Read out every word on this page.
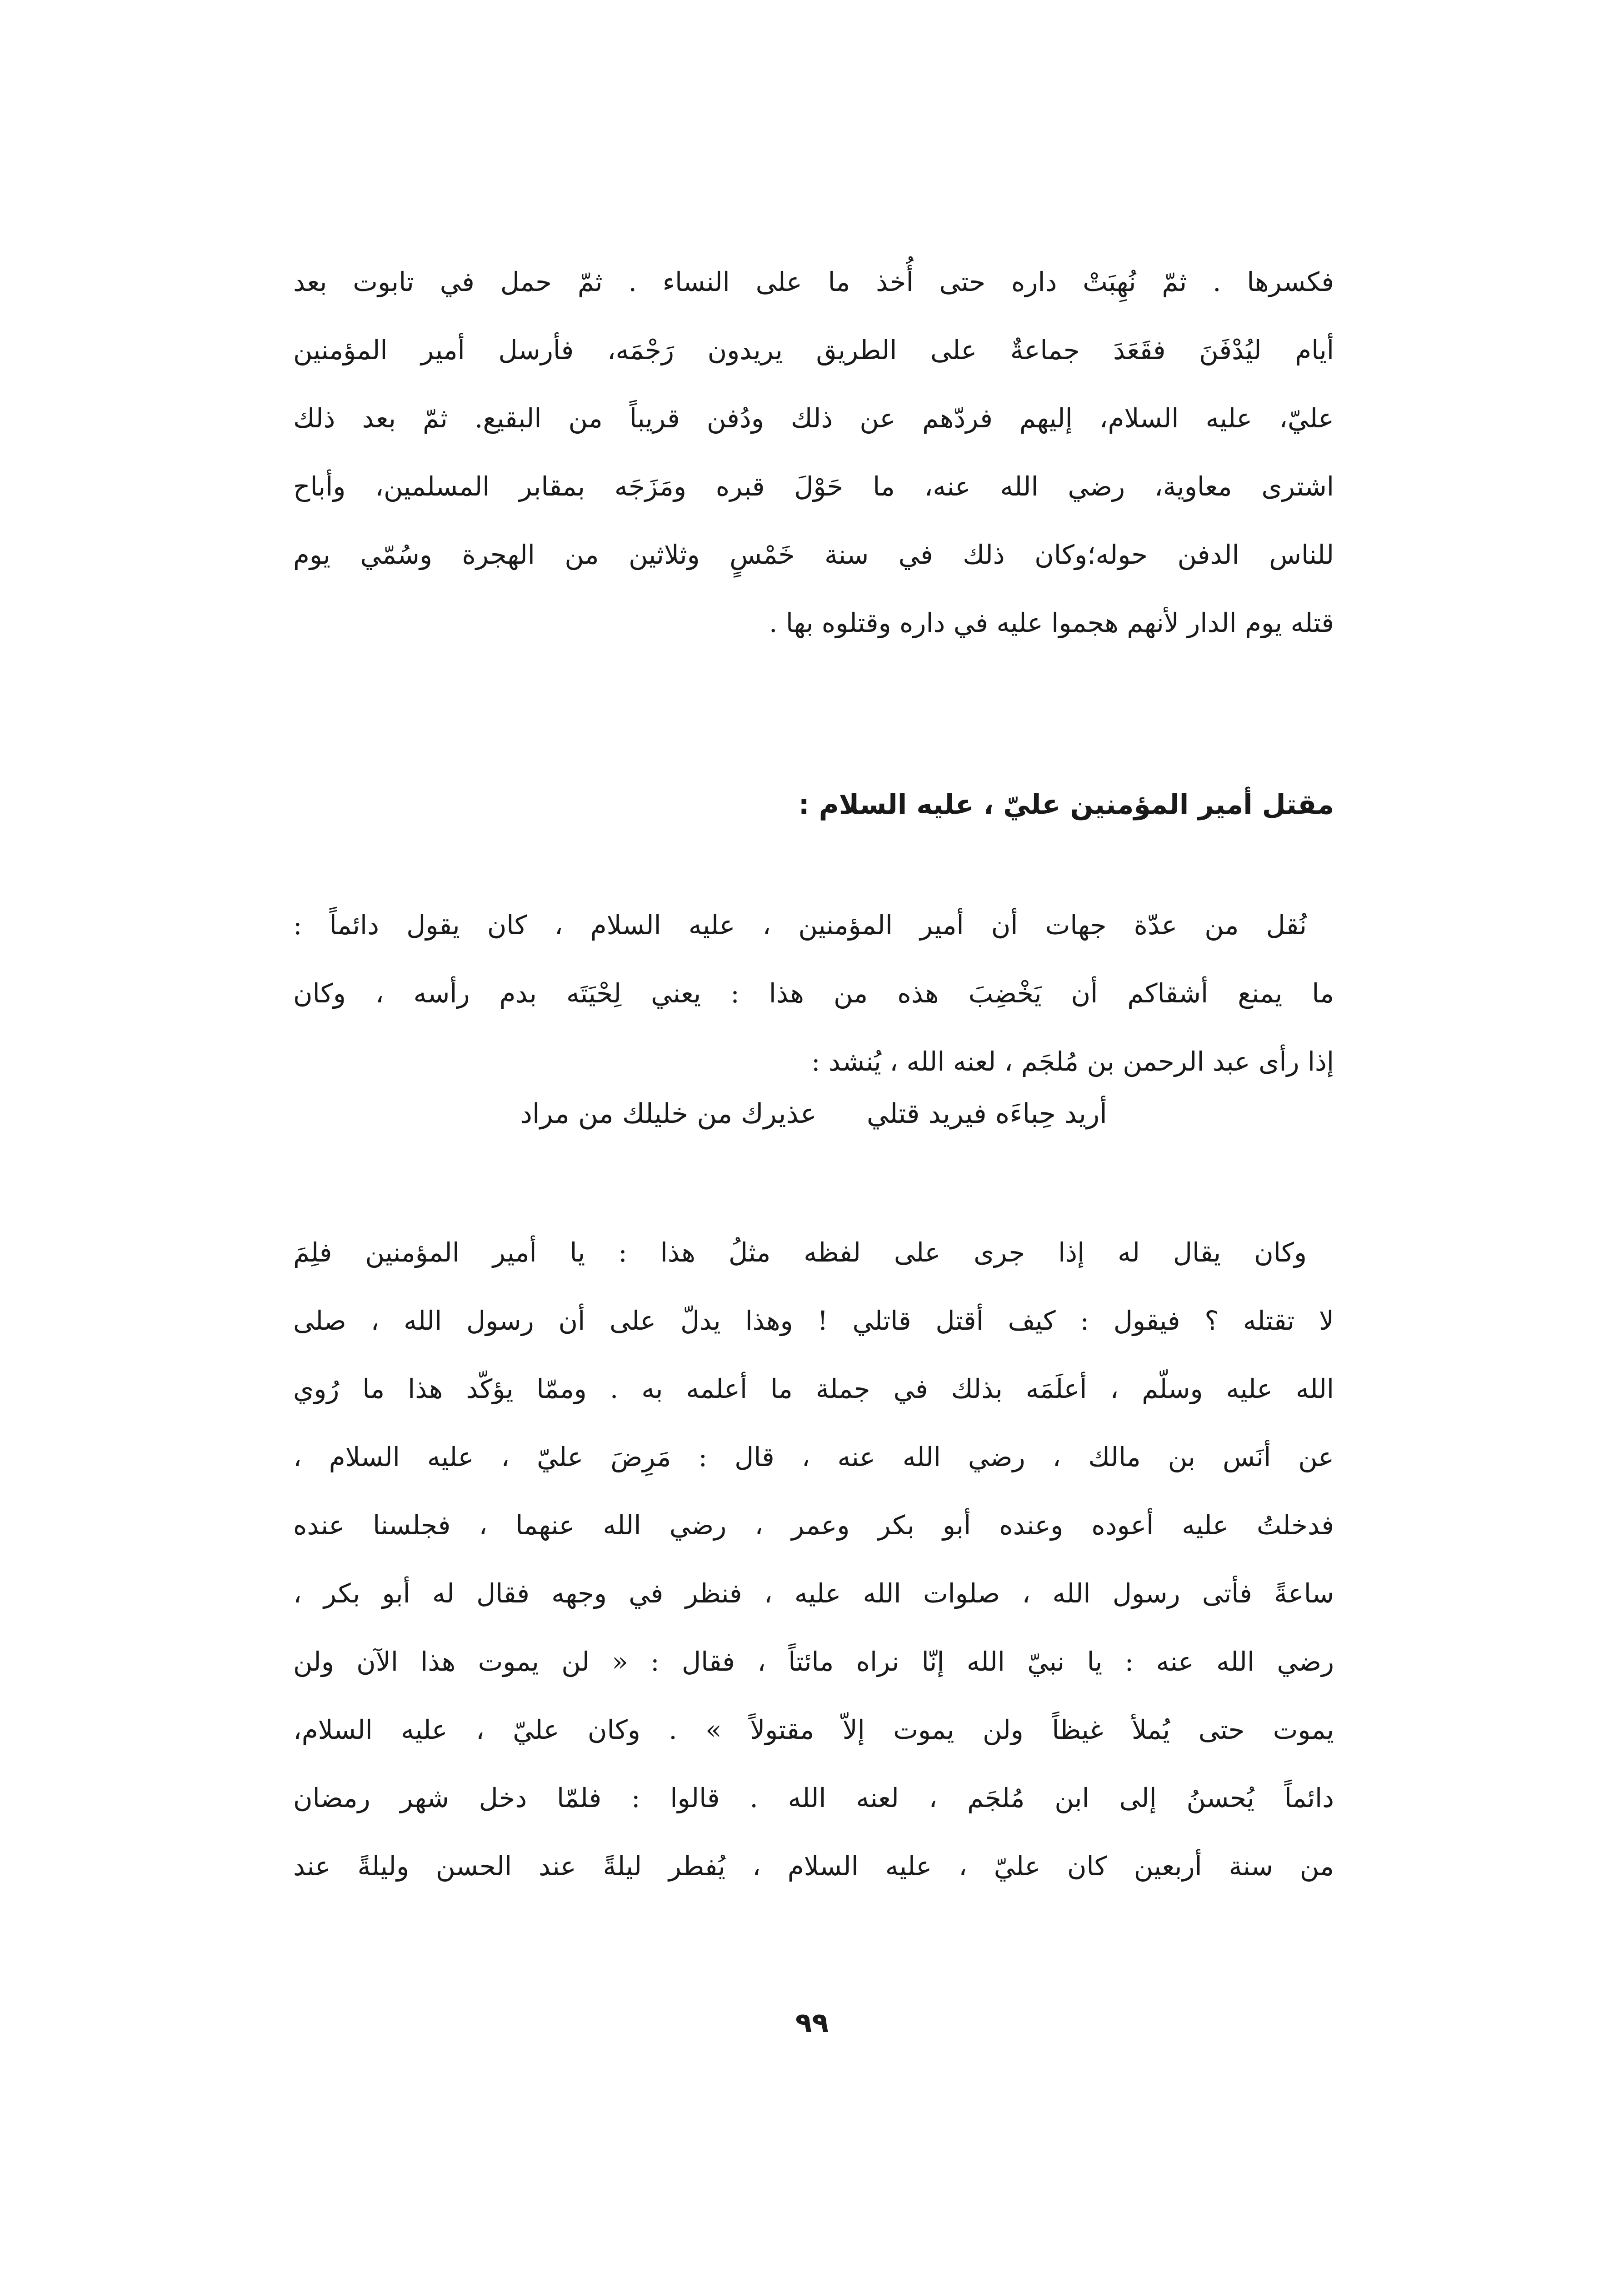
فكسرها . ثمّ نُهِبَتْ داره حتى أُخذ ما على النساء . ثمّ حمل في تابوت بعد
أيام ليُدْفَنَ فقَعَدَ جماعةٌ على الطريق يريدون رَجْمَه، فأرسل أمير المؤمنين
عليّ، عليه السلام، إليهم فردّهم عن ذلك ودُفن قريباً من البقيع. ثمّ بعد ذلك
اشترى معاوية، رضي الله عنه، ما حَوْلَ قبره ومَزَجَه بمقابر المسلمين، وأباح
للناس الدفن حوله؛وكان ذلك في سنة خَمْسٍ وثلاثين من الهجرة وسُمّي يوم
قتله يوم الدار لأنهم هجموا عليه في داره وقتلوه بها .
مقتل أمير المؤمنين عليّ ، عليه السلام :
نُقل من عدّة جهات أن أمير المؤمنين ، عليه السلام ، كان يقول دائماً :
ما يمنع أشقاكم أن يَخْضِبَ هذه من هذا : يعني لِحْيَتَه بدم رأسه ، وكان
إذا رأى عبد الرحمن بن مُلجَم ، لعنه الله ، يُنشد :
أريد حِباءَه فيريد قتليعذيرك من خليلك من مراد
وكان يقال له إذا جرى على لفظه مثلُ هذا : يا أمير المؤمنين فلِمَ
لا تقتله ؟ فيقول : كيف أقتل قاتلي ! وهذا يدلّ على أن رسول الله ، صلى
الله عليه وسلّم ، أعلَمَه بذلك في جملة ما أعلمه به . وممّا يؤكّد هذا ما رُوي
عن أنَس بن مالك ، رضي الله عنه ، قال : مَرِضَ عليّ ، عليه السلام ،
فدخلتُ عليه أعوده وعنده أبو بكر وعمر ، رضي الله عنهما ، فجلسنا عنده
ساعةً فأتى رسول الله ، صلوات الله عليه ، فنظر في وجهه فقال له أبو بكر ،
رضي الله عنه : يا نبيّ الله إنّا نراه مائتاً ، فقال : « لن يموت هذا الآن ولن
يموت حتى يُملأ غيظاً ولن يموت إلاّ مقتولاً » . وكان عليّ ، عليه السلام،
دائماً يُحسنُ إلى ابن مُلجَم ، لعنه الله . قالوا : فلمّا دخل شهر رمضان
من سنة أربعين كان عليّ ، عليه السلام ، يُفطر ليلةً عند الحسن وليلةً عند
٩٩
